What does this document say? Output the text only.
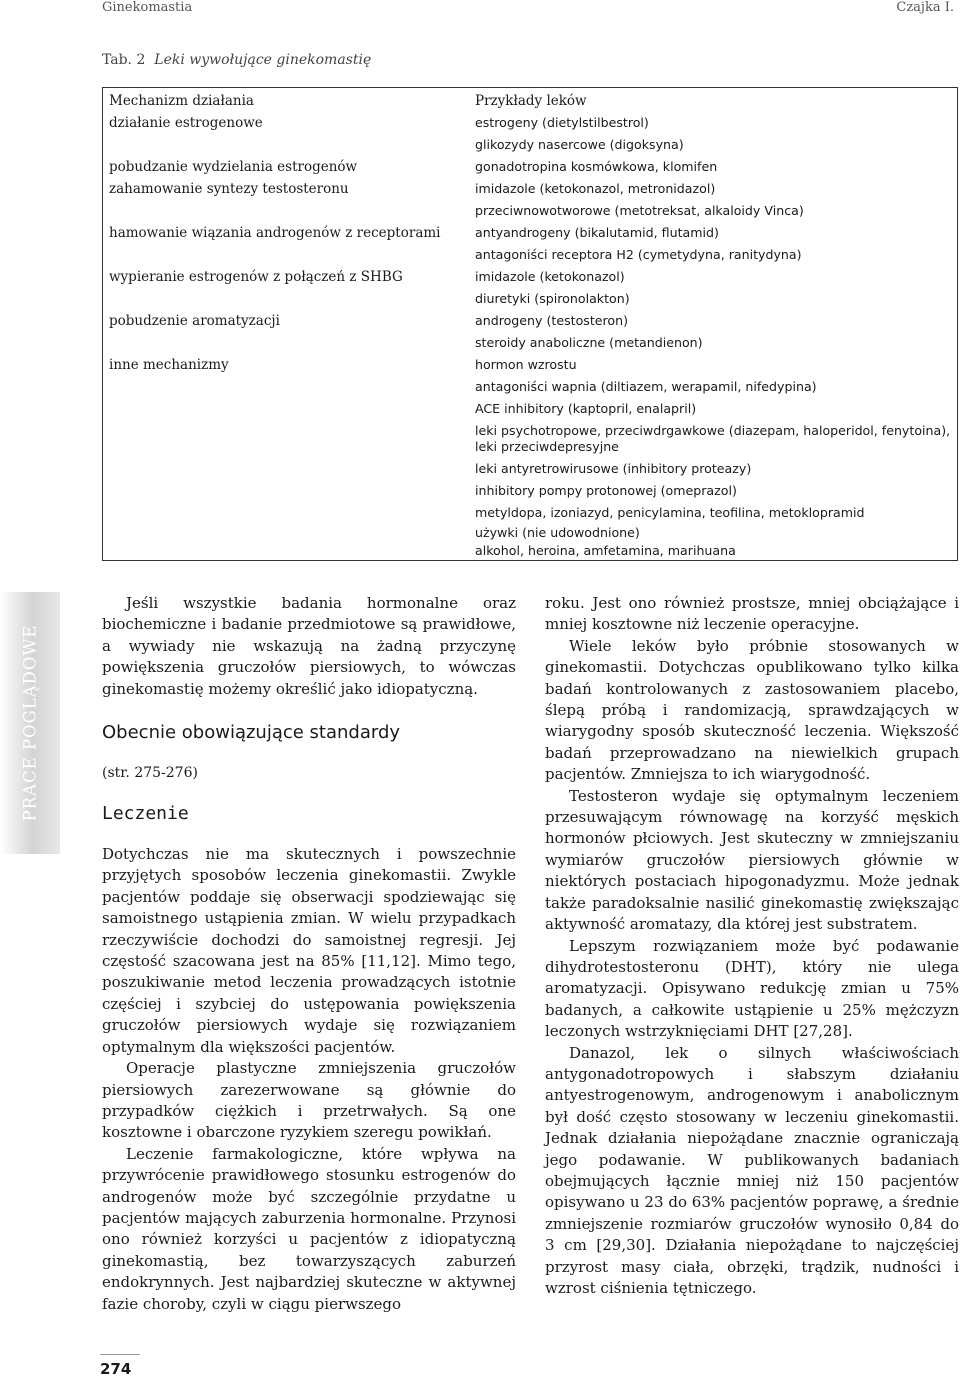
Ginekomastia	Czajka I.
Tab. 2 Leki wywołujące ginekomastię
Mechanizm działania	Przykłady leków
działanie estrogenowe	estrogeny (dietylstilbestrol)
glikozydy nasercowe (digoksyna)
pobudzanie wydzielania estrogenów	gonadotropina kosmówkowa, klomifen
zahamowanie syntezy testosteronu	imidazole (ketokonazol, metronidazol)
przeciwnowotworowe (metotreksat, alkaloidy Vinca)
hamowanie wiązania androgenów z receptorami	antyandrogeny (bikalutamid, flutamid)
antagoniści receptora H2 (cymetydyna, ranitydyna)
wypieranie estrogenów z połączeń z SHBG	imidazole (ketokonazol)
diuretyki (spironolakton)
pobudzenie aromatyzacji	androgeny (testosteron)
steroidy anaboliczne (metandienon)
inne mechanizmy	hormon wzrostu
antagoniści wapnia (diltiazem, werapamil, nifedypina)
ACE inhibitory (kaptopril, enalapril)
leki psychotropowe, przeciwdrgawkowe (diazepam, haloperidol, fenytoina), leki przeciwdepresyjne
leki antyretrowirusowe (inhibitory proteazy)
inhibitory pompy protonowej (omeprazol)
metyldopa, izoniazyd, penicylamina, teofilina, metoklopramid
używki (nie udowodnione)
alkohol, heroina, amfetamina, marihuana
PRACE POGLĄDOWE

Jeśli wszystkie badania hormonalne oraz biochemiczne i badanie przedmiotowe są prawidłowe, a wywiady nie wskazują na żadną przyczynę powiększenia gruczołów piersiowych, to wówczas ginekomastię możemy określić jako idiopatyczną.

Obecnie obowiązujące standardy
(str. 275-276)
Leczenie

Dotychczas nie ma skutecznych i powszechnie przyjętych sposobów leczenia ginekomastii. Zwykle pacjentów poddaje się obserwacji spodziewając się samoistnego ustąpienia zmian. W wielu przypadkach rzeczywiście dochodzi do samoistnej regresji. Jej częstość szacowana jest na 85% [11,12]. Mimo tego, poszukiwanie metod leczenia prowadzących istotnie częściej i szybciej do ustępowania powiększenia gruczołów piersiowych wydaje się rozwiązaniem optymalnym dla większości pacjentów.

Operacje plastyczne zmniejszenia gruczołów piersiowych zarezerwowane są głównie do przypadków ciężkich i przetrwałych. Są one kosztowne i obarczone ryzykiem szeregu powikłań.

Leczenie farmakologiczne, które wpływa na przywrócenie prawidłowego stosunku estrogenów do androgenów może być szczególnie przydatne u pacjentów mających zaburzenia hormonalne. Przynosi ono również korzyści u pacjentów z idiopatyczną ginekomastią, bez towarzyszących zaburzeń endokrynnych. Jest najbardziej skuteczne w aktywnej fazie choroby, czyli w ciągu pierwszego

roku. Jest ono również prostsze, mniej obciążające i mniej kosztowne niż leczenie operacyjne.

Wiele leków było próbnie stosowanych w ginekomastii. Dotychczas opublikowano tylko kilka badań kontrolowanych z zastosowaniem placebo, ślepą próbą i randomizacją, sprawdzających w wiarygodny sposób skuteczność leczenia. Większość badań przeprowadzano na niewielkich grupach pacjentów. Zmniejsza to ich wiarygodność.

Testosteron wydaje się optymalnym leczeniem przesuwającym równowagę na korzyść męskich hormonów płciowych. Jest skuteczny w zmniejszaniu wymiarów gruczołów piersiowych głównie w niektórych postaciach hipogonadyzmu. Może jednak także paradoksalnie nasilić ginekomastię zwiększając aktywność aromatazy, dla której jest substratem.

Lepszym rozwiązaniem może być podawanie dihydrotestosteronu (DHT), który nie ulega aromatyzacji. Opisywano redukcję zmian u 75% badanych, a całkowite ustąpienie u 25% mężczyzn leczonych wstrzyknięciami DHT [27,28].

Danazol, lek o silnych właściwościach antygonadotropowych i słabszym działaniu antyestrogenowym, androgenowym i anabolicznym był dość często stosowany w leczeniu ginekomastii. Jednak działania niepożądane znacznie ograniczają jego podawanie. W publikowanych badaniach obejmujących łącznie mniej niż 150 pacjentów opisywano u 23 do 63% pacjentów poprawę, a średnie zmniejszenie rozmiarów gruczołów wynosiło 0,84 do 3 cm [29,30]. Działania niepożądane to najczęściej przyrost masy ciała, obrzęki, trądzik, nudności i wzrost ciśnienia tętniczego.

274
